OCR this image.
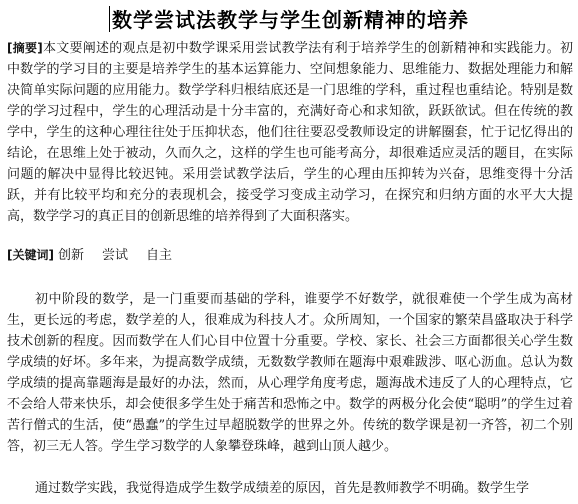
数学尝试法教学与学生创新精神的培养

[摘要]本文要阐述的观点是初中数学课采用尝试教学法有利于培养学生的创新精神和实践能力。初中数学的学习目的主要是培养学生的基本运算能力、空间想象能力、思维能力、数据处理能力和解决简单实际问题的应用能力。数学学科归根结底还是一门思维的学科，重过程也重结论。特别是数学的学习过程中，学生的心理活动是十分丰富的，充满好奇心和求知欲，跃跃欲试。但在传统的教学中，学生的这种心理往往处于压抑状态，他们往往要忍受教师设定的讲解圈套，忙于记忆得出的结论，在思维上处于被动，久而久之，这样的学生也可能考高分，却很难适应灵活的题目，在实际问题的解决中显得比较迟钝。采用尝试教学法后，学生的心理由压抑转为兴奋，思维变得十分活跃，并有比较平均和充分的表现机会，接受学习变成主动学习，在探究和归纳方面的水平大大提高，数学学习的真正目的创新思维的培养得到了大面积落实。

[关键词] 创新 尝试 自主

初中阶段的数学，是一门重要而基础的学科，谁要学不好数学，就很难使一个学生成为高材生，更长远的考虑，数学差的人，很难成为科技人才。众所周知，一个国家的繁荣昌盛取决于科学技术创新的程度。因而数学在人们心目中位置十分重要。学校、家长、社会三方面都很关心学生数学成绩的好坏。多年来，为提高数学成绩，无数数学教师在题海中艰难跋涉、呕心沥血。总认为数学成绩的提高靠题海是最好的办法，然而，从心理学角度考虑，题海战术违反了人的心理特点，它不会给人带来快乐，却会使很多学生处于痛苦和恐怖之中。数学的两极分化会使“聪明”的学生过着苦行僧式的生活，使“愚蠢”的学生过早超脱数学的世界之外。传统的数学课是初一齐答，初二个别答，初三无人答。学生学习数学的人象攀登珠峰，越到山顶人越少。

通过数学实践，我觉得造成学生数学成绩差的原因，首先是教师教学不明确。数学生学
